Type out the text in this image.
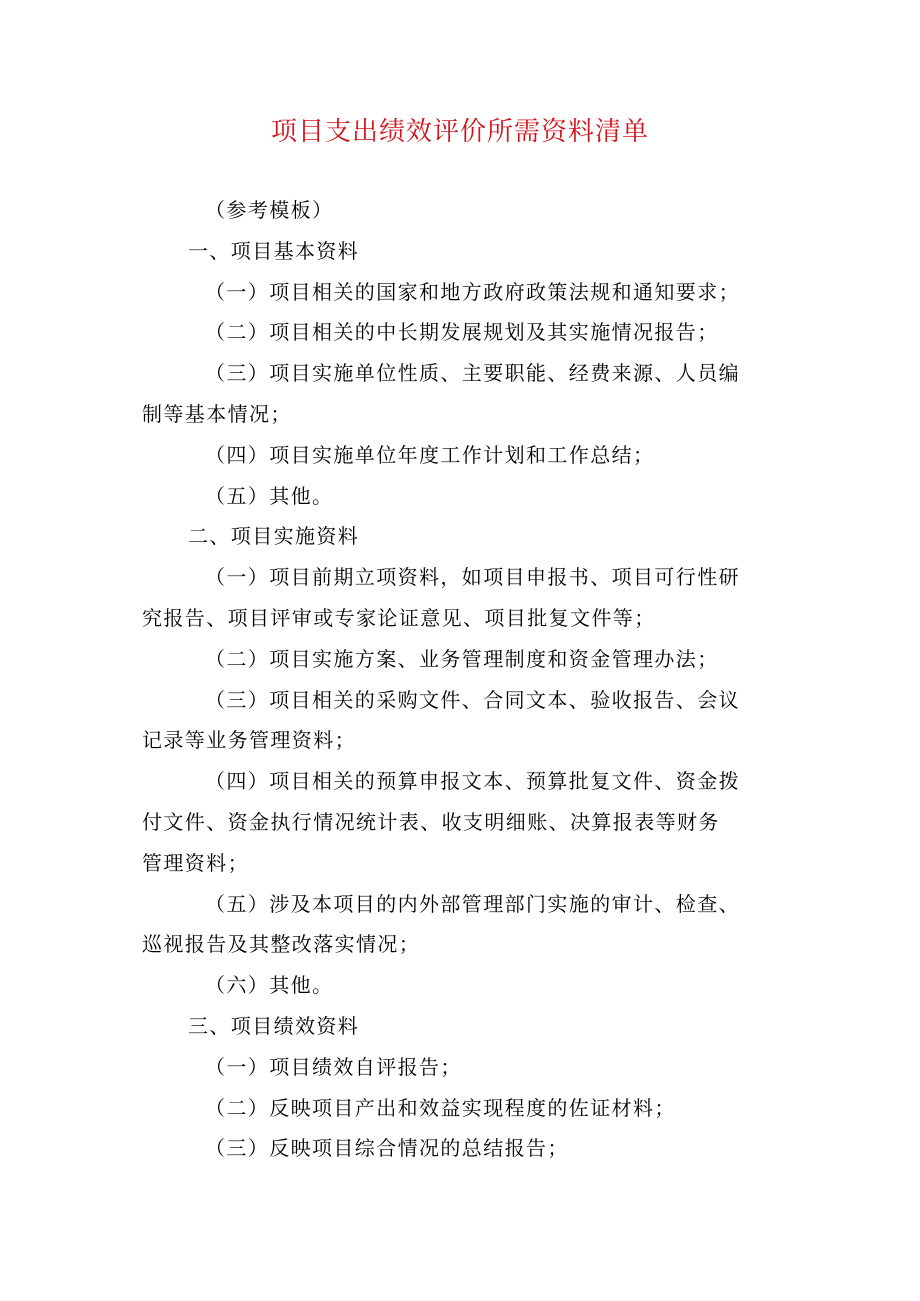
项目支出绩效评价所需资料清单
（参考模板）
一、项目基本资料
（一）项目相关的国家和地方政府政策法规和通知要求；
（二）项目相关的中长期发展规划及其实施情况报告；
（三）项目实施单位性质、主要职能、经费来源、人员编
制等基本情况；
（四）项目实施单位年度工作计划和工作总结；
（五）其他。
二、项目实施资料
（一）项目前期立项资料，如项目申报书、项目可行性研
究报告、项目评审或专家论证意见、项目批复文件等；
（二）项目实施方案、业务管理制度和资金管理办法；
（三）项目相关的采购文件、合同文本、验收报告、会议
记录等业务管理资料；
（四）项目相关的预算申报文本、预算批复文件、资金拨
付文件、资金执行情况统计表、收支明细账、决算报表等财务
管理资料；
（五）涉及本项目的内外部管理部门实施的审计、检查、
巡视报告及其整改落实情况；
（六）其他。
三、项目绩效资料
（一）项目绩效自评报告；
（二）反映项目产出和效益实现程度的佐证材料；
（三）反映项目综合情况的总结报告；
